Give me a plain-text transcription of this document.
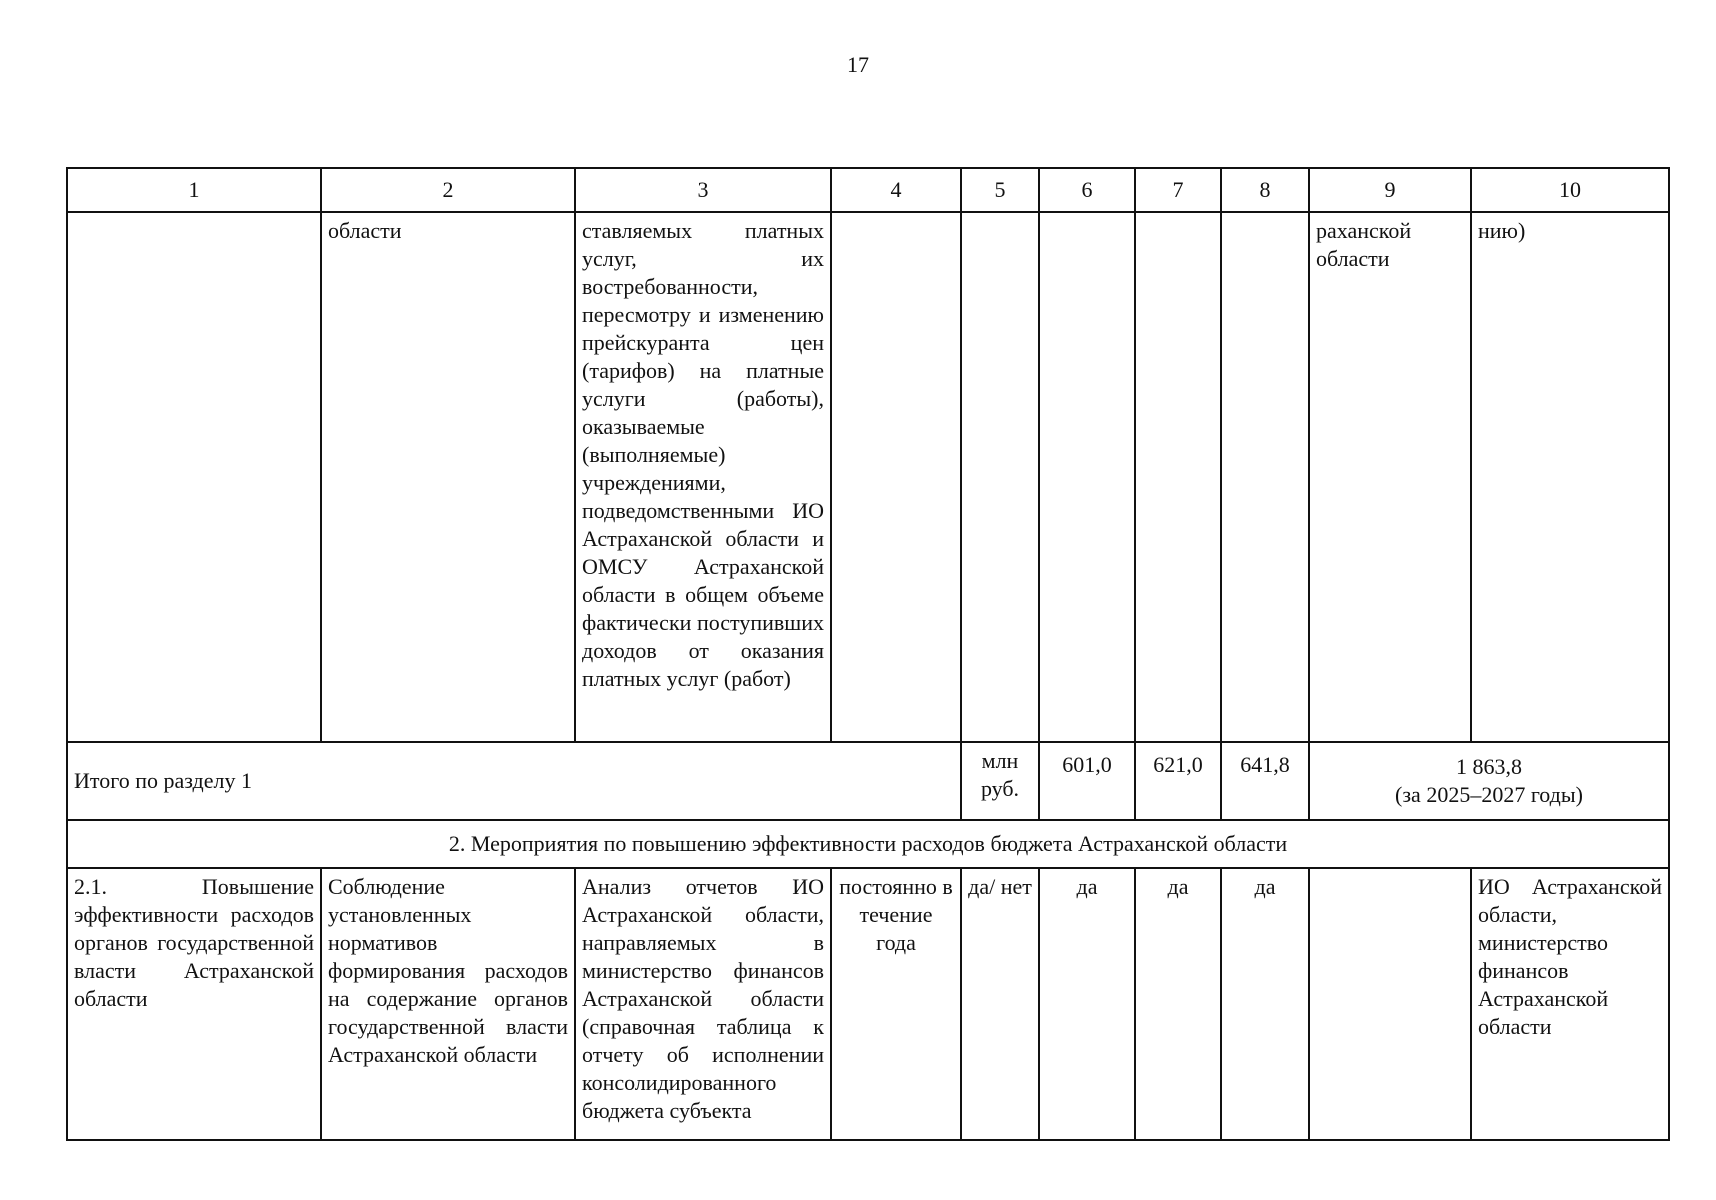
17
1	2	3	4	5	6	7	8	9	10
	области	ставляемых платных услуг, их востребованности, пересмотру и изменению прейскуранта цен (тарифов) на платные услуги (работы), оказываемые (выполняемые) учреждениями, подведомственными ИО Астраханской области и ОМСУ Астраханской области в общем объеме фактически поступивших доходов от оказания платных услуг (работ)						раханской области	нию)
Итого по разделу 1				млн руб.	601,0	621,0	641,8	1 863,8
(за 2025–2027 годы)	

2. Мероприятия по повышению эффективности расходов бюджета Астраханской области									
2.1. Повышение эффективности расходов органов государственной власти Астраханской области	Соблюдение установленных нормативов формирования расходов на содержание органов государственной власти Астраханской области	Анализ отчетов ИО Астраханской области, направляемых в министерство финансов Астраханской области (справочная таблица к отчету об исполнении консолидированного бюджета субъекта	постоянно в течение года	да/ нет	да	да	да		ИО Астраханской области, министерство финансов Астраханской области
